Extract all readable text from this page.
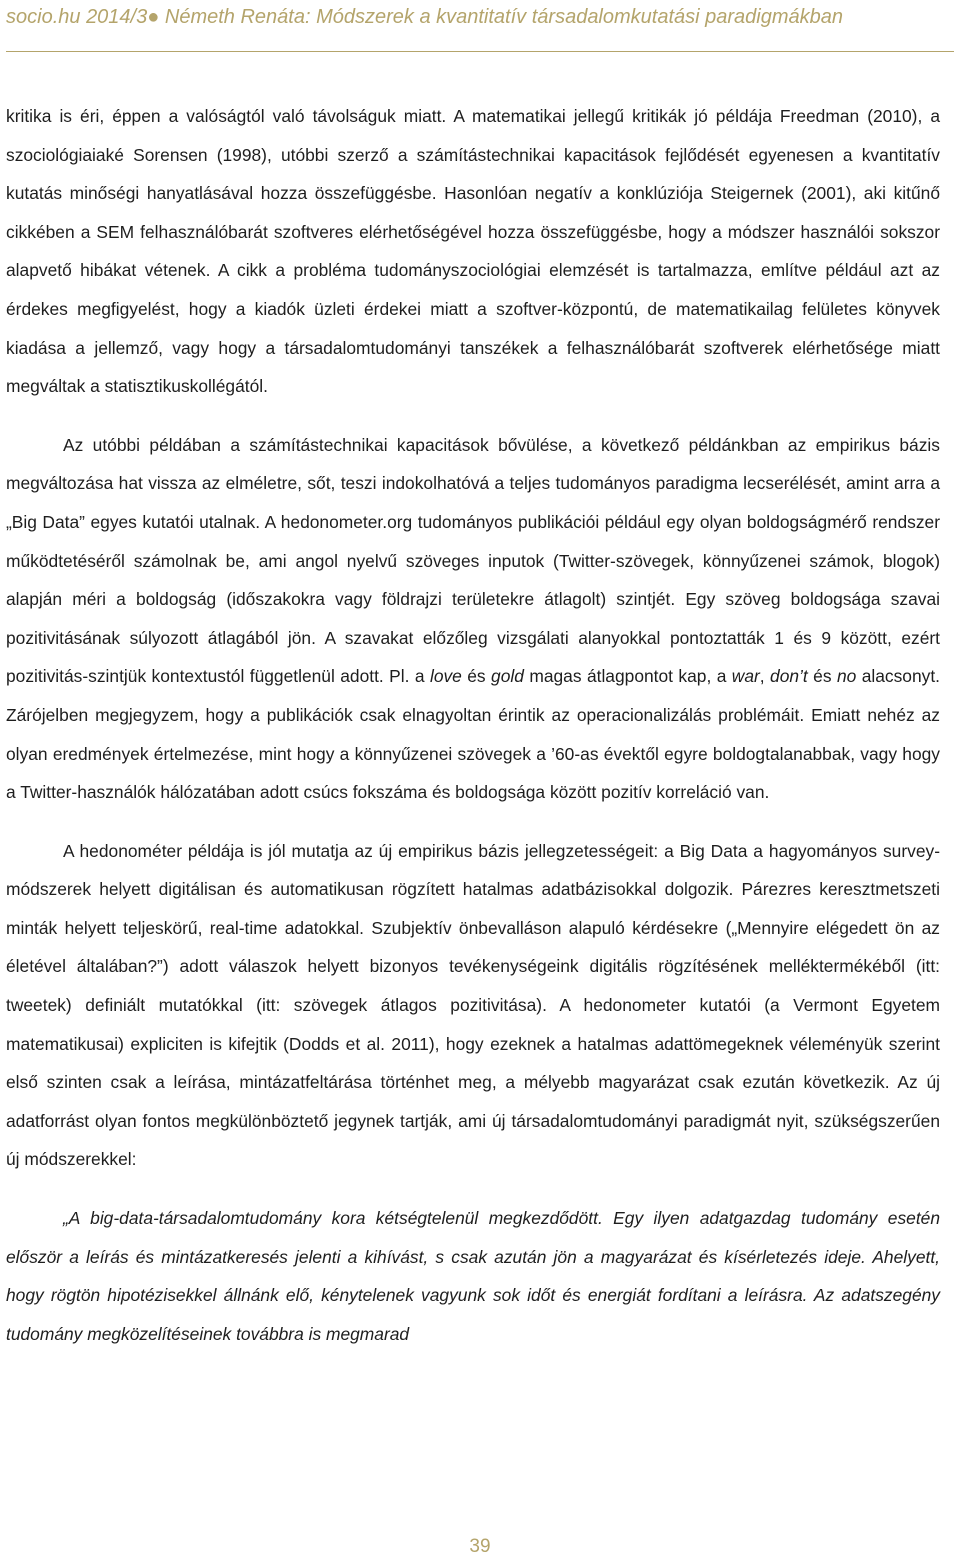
socio.hu 2014/3● Németh Renáta: Módszerek a kvantitatív társadalomkutatási paradigmákban

kritika is éri, éppen a valóságtól való távolságuk miatt. A matematikai jellegű kritikák jó példája Freedman (2010), a szociológiaiaké Sorensen (1998), utóbbi szerző a számítástechnikai kapacitások fejlődését egyenesen a kvantitatív kutatás minőségi hanyatlásával hozza összefüggésbe. Hasonlóan negatív a konklúziója Steigernek (2001), aki kitűnő cikkében a SEM felhasználóbarát szoftveres elérhetőségével hozza összefüggésbe, hogy a módszer használói sokszor alapvető hibákat vétenek. A cikk a probléma tudományszociológiai elemzését is tartalmazza, említve például azt az érdekes megfigyelést, hogy a kiadók üzleti érdekei miatt a szoftver-központú, de matematikailag felületes könyvek kiadása a jellemző, vagy hogy a társadalomtudományi tanszékek a felhasználóbarát szoftverek elérhetősége miatt megváltak a statisztikuskollégától.

Az utóbbi példában a számítástechnikai kapacitások bővülése, a következő példánkban az empirikus bázis megváltozása hat vissza az elméletre, sőt, teszi indokolhatóvá a teljes tudományos paradigma lecserélését, amint arra a „Big Data” egyes kutatói utalnak. A hedonometer.org tudományos publikációi például egy olyan boldogságmérő rendszer működtetéséről számolnak be, ami angol nyelvű szöveges inputok (Twitter-szövegek, könnyűzenei számok, blogok) alapján méri a boldogság (időszakokra vagy földrajzi területekre átlagolt) szintjét. Egy szöveg boldogsága szavai pozitivitásának súlyozott átlagából jön. A szavakat előzőleg vizsgálati alanyokkal pontoztatták 1 és 9 között, ezért pozitivitás-szintjük kontextustól függetlenül adott. Pl. a love és gold magas átlagpontot kap, a war, don’t és no alacsonyt. Zárójelben megjegyzem, hogy a publikációk csak elnagyoltan érintik az operacionalizálás problémáit. Emiatt nehéz az olyan eredmények értelmezése, mint hogy a könnyűzenei szövegek a ’60-as évektől egyre boldogtalanabbak, vagy hogy a Twitter-használók hálózatában adott csúcs fokszáma és boldogsága között pozitív korreláció van.

A hedonométer példája is jól mutatja az új empirikus bázis jellegzetességeit: a Big Data a hagyományos survey-módszerek helyett digitálisan és automatikusan rögzített hatalmas adatbázisokkal dolgozik. Párezres keresztmetszeti minták helyett teljeskörű, real-time adatokkal. Szubjektív önbevalláson alapuló kérdésekre („Mennyire elégedett ön az életével általában?”) adott válaszok helyett bizonyos tevékenységeink digitális rögzítésének melléktermékéből (itt: tweetek) definiált mutatókkal (itt: szövegek átlagos pozitivitása). A hedonometer kutatói (a Vermont Egyetem matematikusai) expliciten is kifejtik (Dodds et al. 2011), hogy ezeknek a hatalmas adattömegeknek véleményük szerint első szinten csak a leírása, mintázatfeltárása történhet meg, a mélyebb magyarázat csak ezután következik. Az új adatforrást olyan fontos megkülönböztető jegynek tartják, ami új társadalomtudományi paradigmát nyit, szükségszerűen új módszerekkel:

„A big-data-társadalomtudomány kora kétségtelenül megkezdődött. Egy ilyen adatgazdag tudomány esetén először a leírás és mintázatkeresés jelenti a kihívást, s csak azután jön a magyarázat és kísérletezés ideje. Ahelyett, hogy rögtön hipotézisekkel állnánk elő, kénytelenek vagyunk sok időt és energiát fordítani a leírásra. Az adatszegény tudomány megközelítéseinek továbbra is megmarad

39
